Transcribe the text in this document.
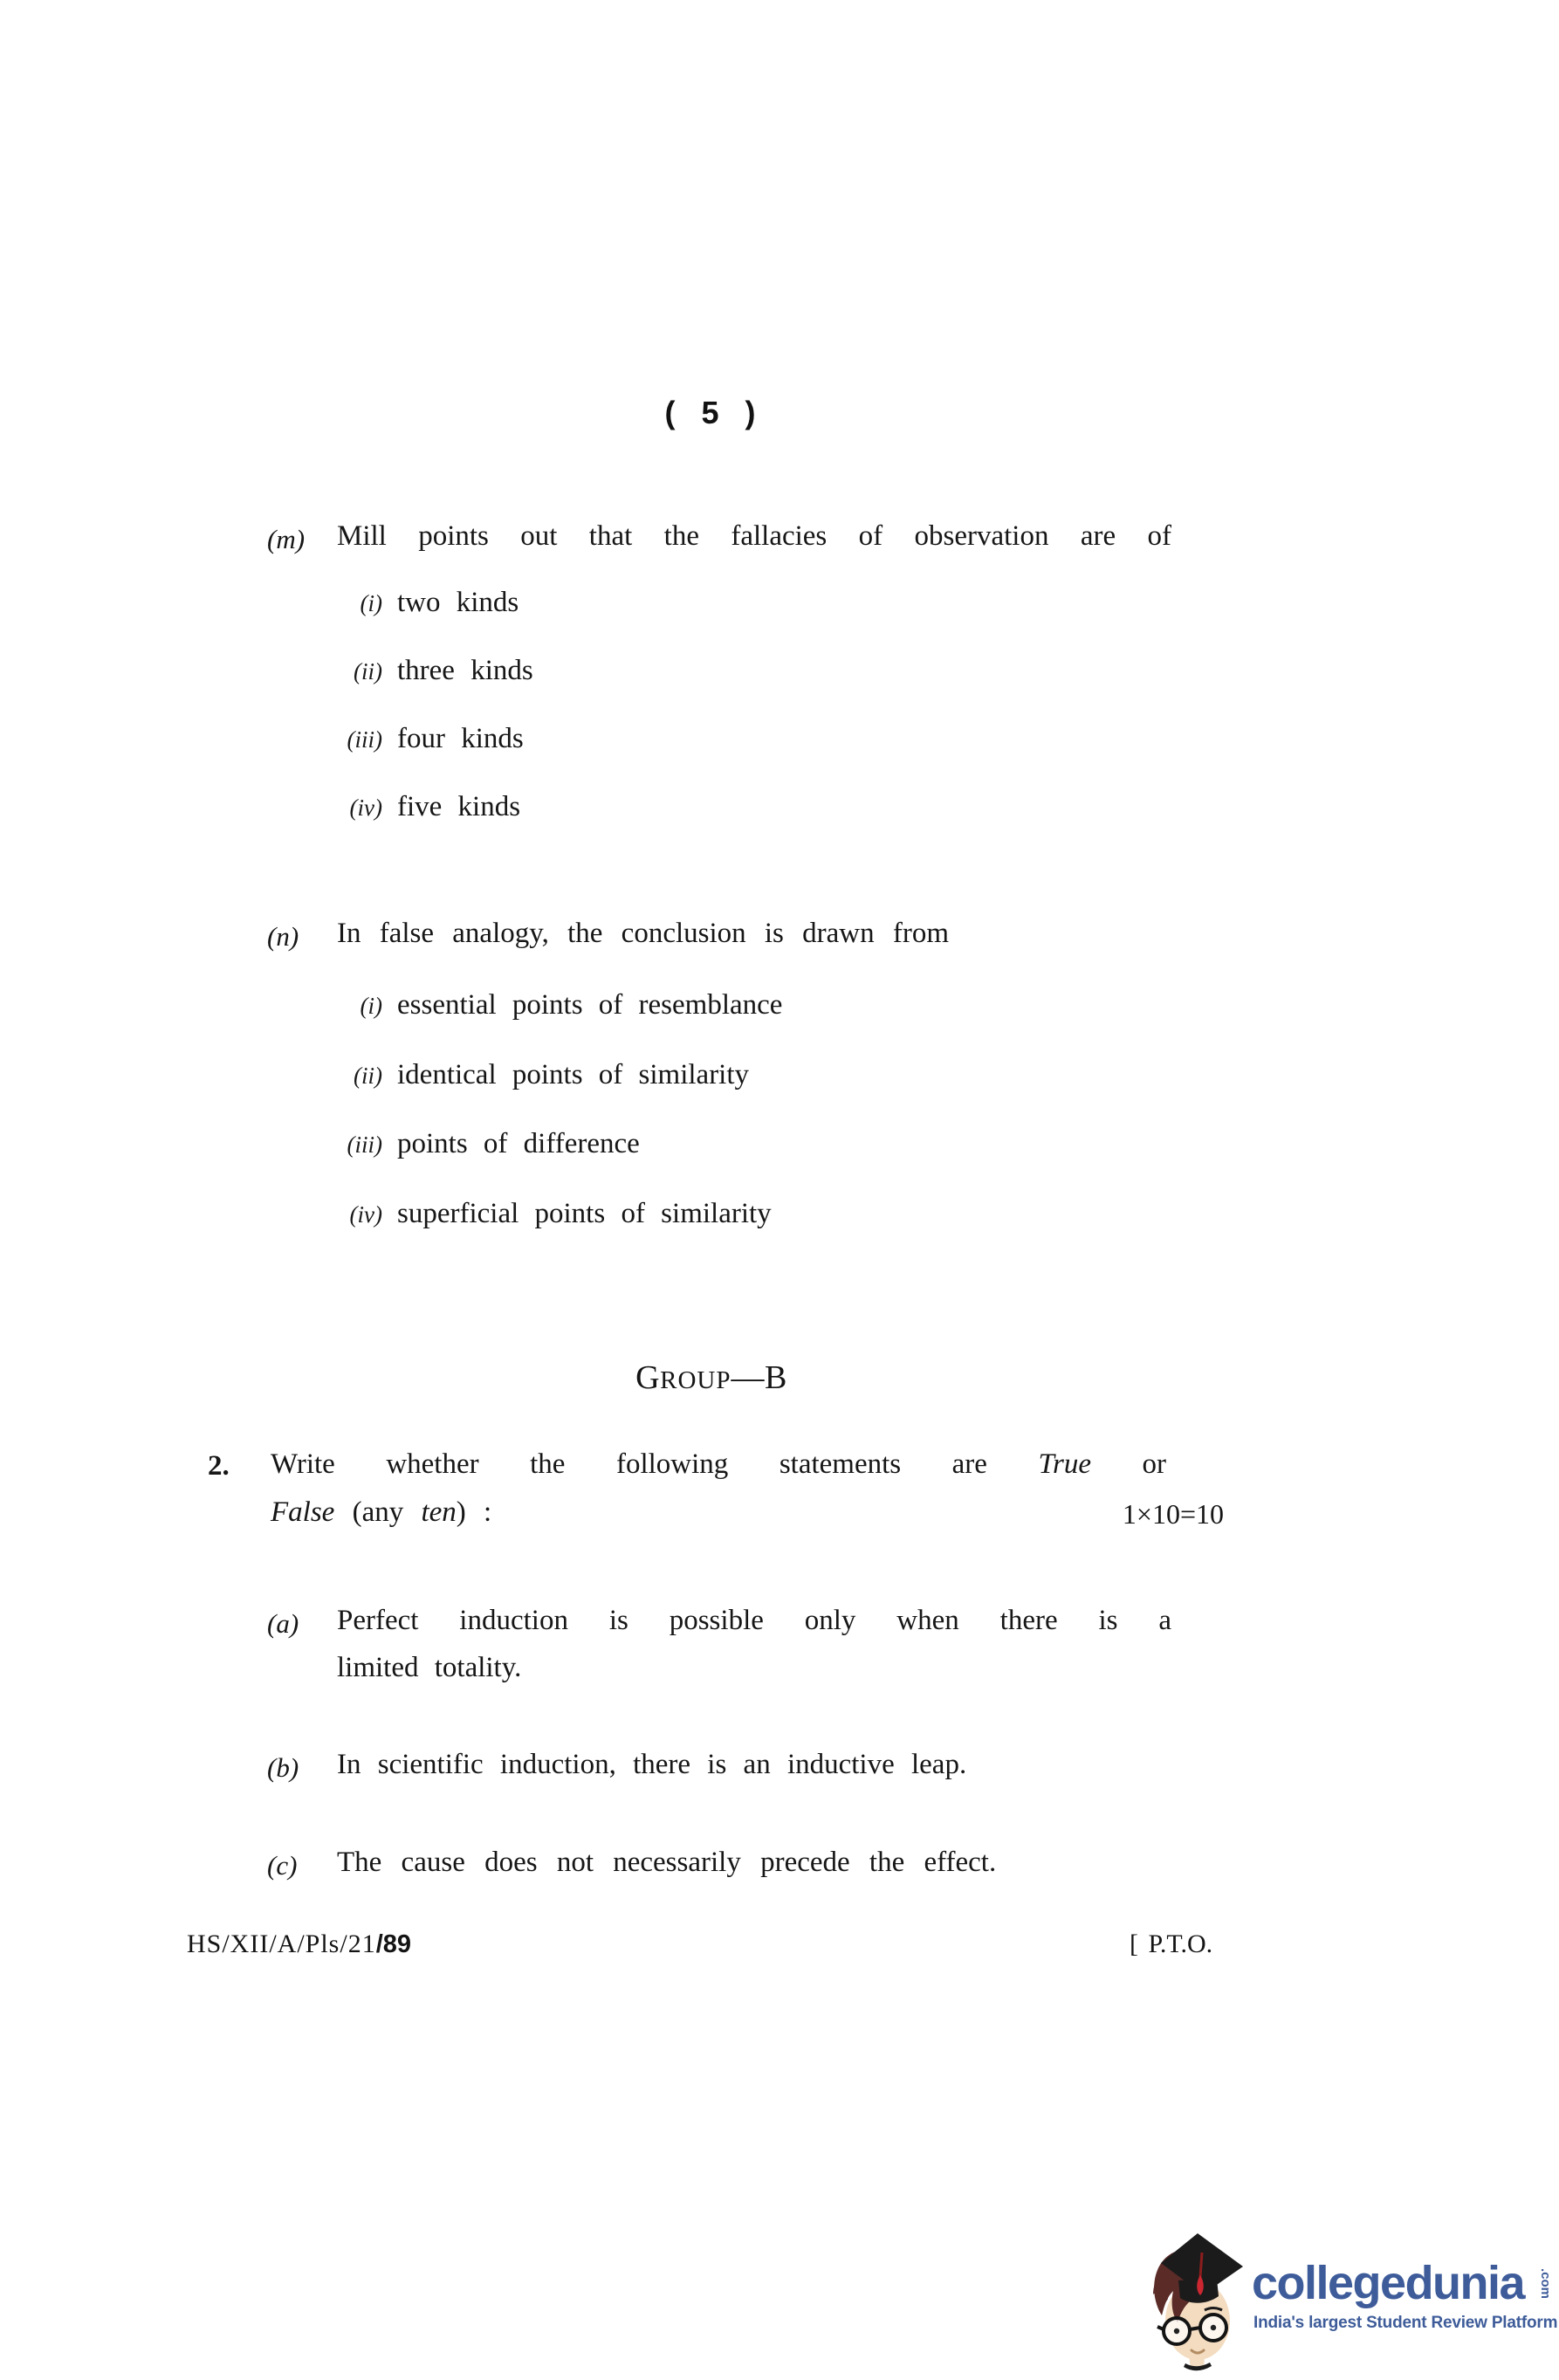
( 5 )
(m)	Mill points out that the fallacies of observation are of
(i) two kinds
(ii) three kinds
(iii) four kinds
(iv) five kinds
(n)	In false analogy, the conclusion is drawn from
(i) essential points of resemblance
(ii) identical points of similarity
(iii) points of difference
(iv) superficial points of similarity
GROUP—B
2. Write whether the following statements are True or
False (any ten) :	1×10=10
(a)	Perfect induction is possible only when there is a
limited totality.
(b)	In scientific induction, there is an inductive leap.
(c)	The cause does not necessarily precede the effect.
HS/XII/A/Pls/21/89	[ P.T.O.
collegedunia .com
India's largest Student Review Platform
